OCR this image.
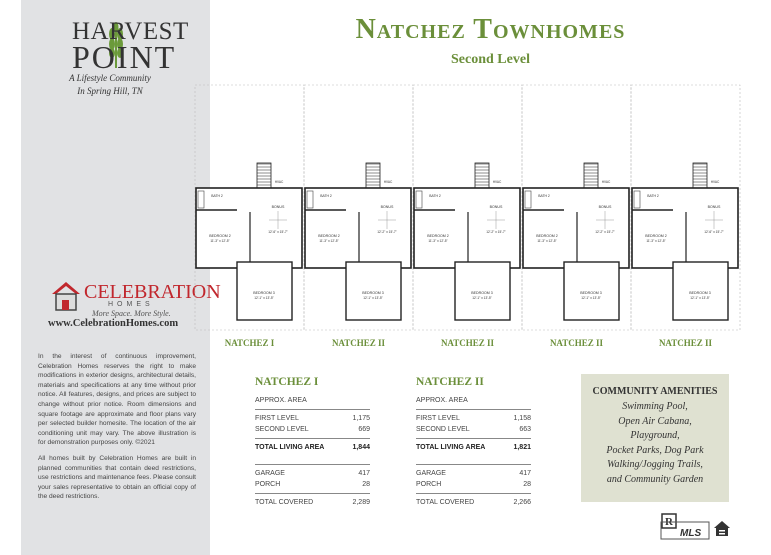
HARVEST
POINT
A Lifestyle Community
In Spring Hill, TN
CELEBRATION
HOMES
More Space. More Style.
www.CelebrationHomes.com

In the interest of continuous improvement, Celebration Homes reserves the right to make modifications in exterior designs, architectural details, materials and specifications at any time without prior notice. All features, designs, and prices are subject to change without prior notice. Room dimensions and square footage are approximate and floor plans vary per selected builder homesite. The location of the air conditioning unit may vary. The above illustration is for demonstration purposes only. ©2021

All homes built by Celebration Homes are built in planned communities that contain deed restrictions, use restrictions and maintenance fees. Please consult your sales representative to obtain an official copy of the deed restrictions.

Natchez Townhomes
Second Level
BATH 2
BONUS
12'-6" x 15'-7"
BEDROOM 2
11'-3" x 12'-5"
BEDROOM 3
12'-1" x 13'-5"
HVAC
BATH 2
BONUS
12'-2" x 15'-7"
BEDROOM 2
11'-3" x 12'-5"
BEDROOM 3
12'-1" x 13'-5"
HVAC
BATH 2
BONUS
12'-2" x 15'-7"
BEDROOM 2
11'-3" x 12'-5"
BEDROOM 3
12'-1" x 13'-5"
HVAC
BATH 2
BONUS
12'-2" x 15'-7"
BEDROOM 2
11'-3" x 12'-5"
BEDROOM 3
12'-1" x 13'-5"
HVAC
BATH 2
BONUS
12'-6" x 15'-7"
BEDROOM 2
11'-3" x 12'-5"
BEDROOM 3
12'-1" x 13'-5"
HVAC
NATCHEZ I	NATCHEZ II	NATCHEZ II	NATCHEZ II	NATCHEZ II
NATCHEZ I
APPROX. AREA
FIRST LEVEL	1,175
SECOND LEVEL	669
TOTAL LIVING AREA	1,844
GARAGE	417
PORCH	28
TOTAL COVERED	2,289
NATCHEZ II
APPROX. AREA
FIRST LEVEL	1,158
SECOND LEVEL	663
TOTAL LIVING AREA	1,821
GARAGE	417
PORCH	28
TOTAL COVERED	2,266
COMMUNITY AMENITIES
Swimming Pool,
Open Air Cabana,
Playground,
Pocket Parks, Dog Park
Walking/Jogging Trails,
and Community Garden
R
MLS
